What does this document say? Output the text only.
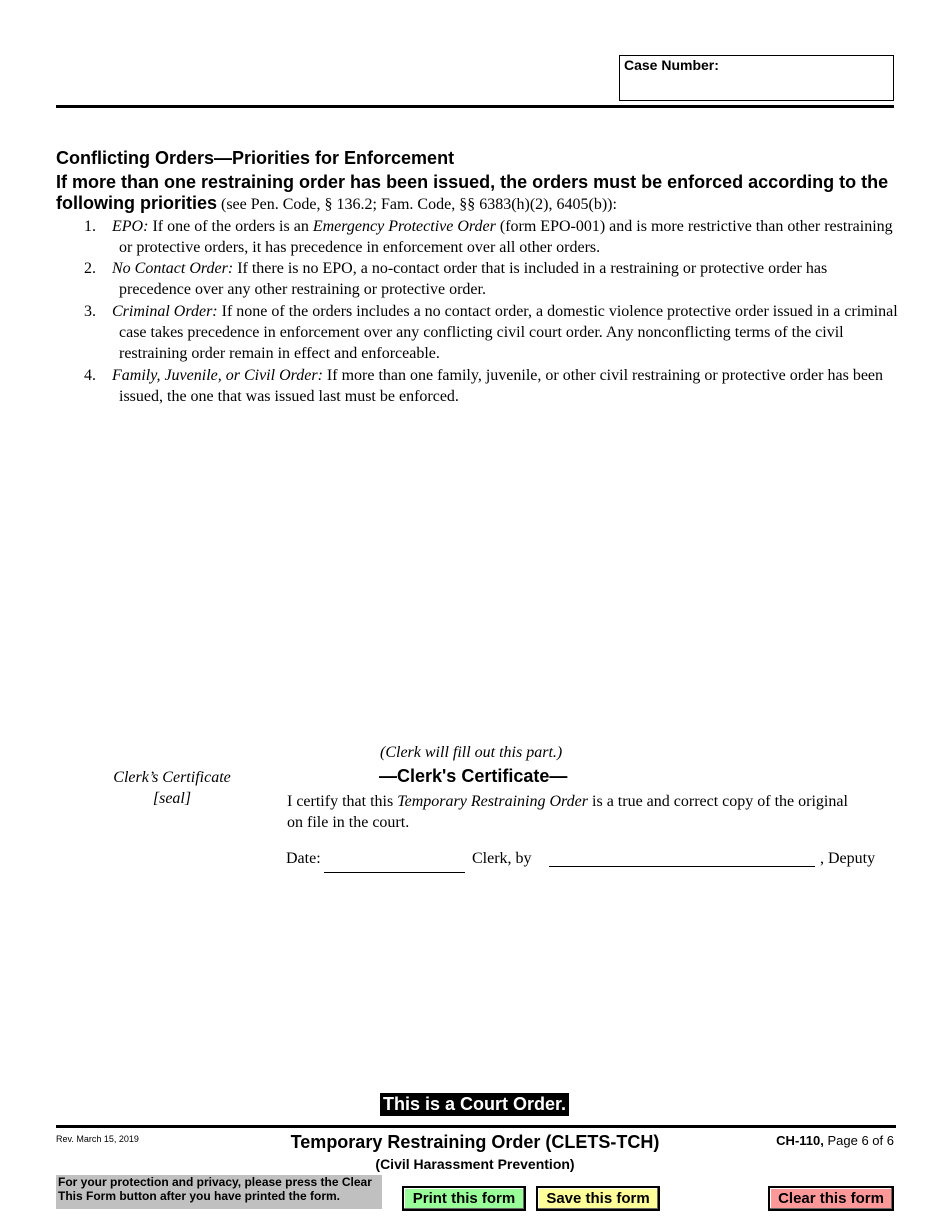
Case Number:
Conflicting Orders—Priorities for Enforcement
If more than one restraining order has been issued, the orders must be enforced according to the following priorities (see Pen. Code, § 136.2; Fam. Code, §§ 6383(h)(2), 6405(b)):
1. EPO: If one of the orders is an Emergency Protective Order (form EPO-001) and is more restrictive than other restraining or protective orders, it has precedence in enforcement over all other orders.
2. No Contact Order: If there is no EPO, a no-contact order that is included in a restraining or protective order has precedence over any other restraining or protective order.
3. Criminal Order: If none of the orders includes a no contact order, a domestic violence protective order issued in a criminal case takes precedence in enforcement over any conflicting civil court order. Any nonconflicting terms of the civil restraining order remain in effect and enforceable.
4. Family, Juvenile, or Civil Order: If more than one family, juvenile, or other civil restraining or protective order has been issued, the one that was issued last must be enforced.
(Clerk will fill out this part.)
—Clerk's Certificate—
Clerk’s Certificate
[seal]	I certify that this Temporary Restraining Order is a true and correct copy of the original on file in the court.
Date:	Clerk, by	, Deputy
This is a Court Order.
Rev. March 15, 2019	Temporary Restraining Order (CLETS-TCH)
(Civil Harassment Prevention)
CH-110, Page 6 of 6
For your protection and privacy, please press the Clear This Form button after you have printed the form.	Print this form	Save this form	Clear this form
